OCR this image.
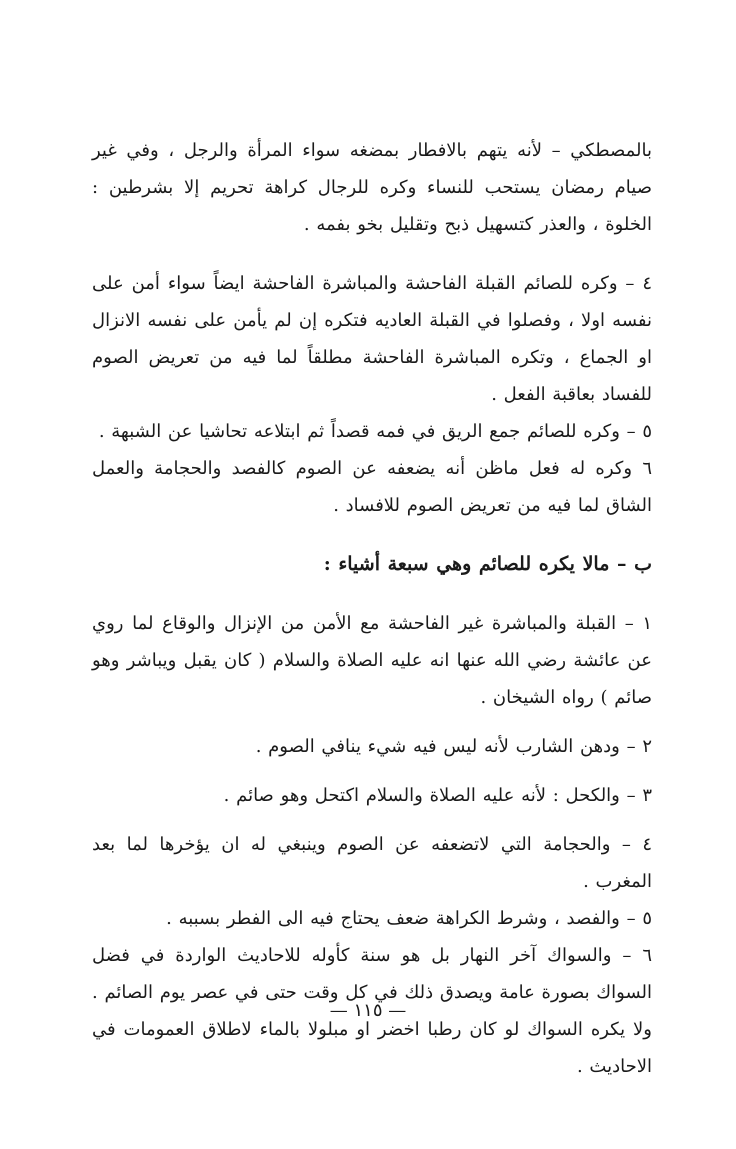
بالمصطكي – لأنه يتهم بالافطار بمضغه سواء المرأة والرجل ، وفي غير صيام رمضان يستحب للنساء وكره للرجال كراهة تحريم إلا بشرطين : الخلوة ، والعذر كتسهيل ذبح وتقليل بخو بفمه .

٤ – وكره للصائم القبلة الفاحشة والمباشرة الفاحشة ايضاً سواء أمن على نفسه اولا ، وفصلوا في القبلة العاديه فتكره إن لم يأمن على نفسه الانزال او الجماع ، وتكره المباشرة الفاحشة مطلقاً لما فيه من تعريض الصوم للفساد بعاقبة الفعل .

٥ – وكره للصائم جمع الريق في فمه قصداً ثم ابتلاعه تحاشيا عن الشبهة .

٦ وكره له فعل ماظن أنه يضعفه عن الصوم كالفصد والحجامة والعمل الشاق لما فيه من تعريض الصوم للافساد .

ب – مالا يكره للصائم وهي سبعة أشياء :

١ – القبلة والمباشرة غير الفاحشة مع الأمن من الإنزال والوقاع لما روي عن عائشة رضي الله عنها انه عليه الصلاة والسلام ( كان يقبل ويباشر وهو صائم ) رواه الشيخان .

٢ – ودهن الشارب لأنه ليس فيه شيء ينافي الصوم .

٣ – والكحل : لأنه عليه الصلاة والسلام اكتحل وهو صائم .

٤ – والحجامة التي لاتضعفه عن الصوم وينبغي له ان يؤخرها لما بعد المغرب .

٥ – والفصد ، وشرط الكراهة ضعف يحتاج فيه الى الفطر بسببه .

٦ – والسواك آخر النهار بل هو سنة كأوله للاحاديث الواردة في فضل السواك بصورة عامة ويصدق ذلك في كل وقت حتى في عصر يوم الصائم .

ولا يكره السواك لو كان رطبا اخضر او مبلولا بالماء لاطلاق العمومات في الاحاديث .

— ١١٥ —
